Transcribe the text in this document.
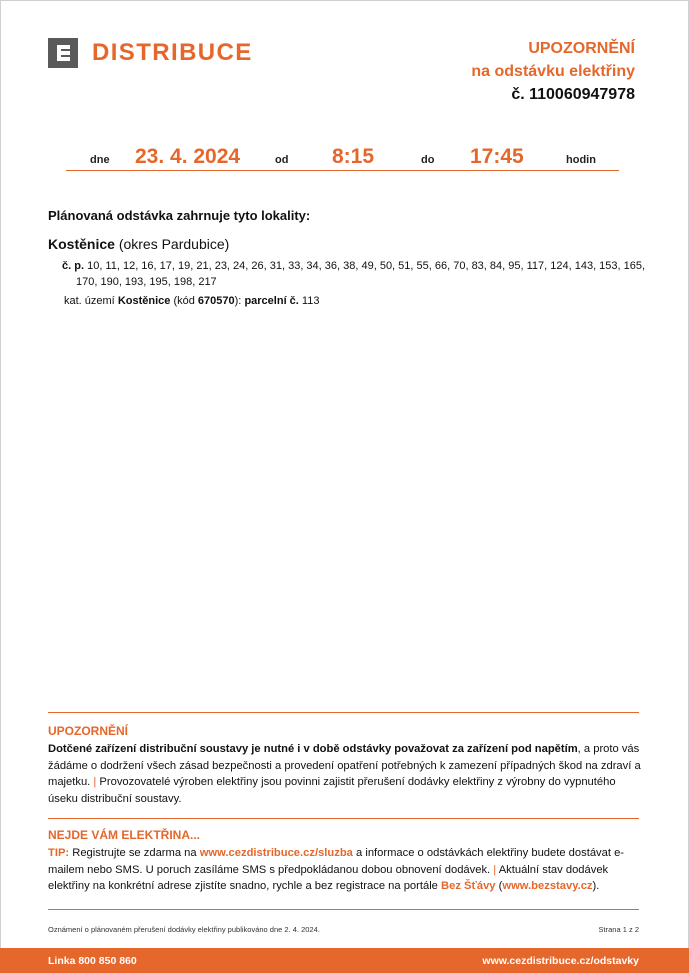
DISTRIBUCE	UPOZORNĚNÍ
na odstávku elektřiny
č. 110060947978
dne 23. 4. 2024	od 8:15	do 17:45	hodin
Plánovaná odstávka zahrnuje tyto lokality:
Kostěnice (okres Pardubice)
č. p. 10, 11, 12, 16, 17, 19, 21, 23, 24, 26, 31, 33, 34, 36, 38, 49, 50, 51, 55, 66, 70, 83, 84, 95, 117, 124, 143, 153, 165, 170, 190, 193, 195, 198, 217
kat. území Kostěnice (kód 670570): parcelní č. 113
UPOZORNĚNÍ
Dotčené zařízení distribuční soustavy je nutné i v době odstávky považovat za zařízení pod napětím, a proto vás žádáme o dodržení všech zásad bezpečnosti a provedení opatření potřebných k zamezení případných škod na zdraví a majetku. | Provozovatelé výroben elektřiny jsou povinni zajistit přerušení dodávky elektřiny z výrobny do vypnutého úseku distribuční soustavy.
NEJDE VÁM ELEKTŘINA...
TIP: Registrujte se zdarma na www.cezdistribuce.cz/sluzba a informace o odstávkách elektřiny budete dostávat e-mailem nebo SMS. U poruch zasíláme SMS s předpokládanou dobou obnovení dodávek. | Aktuální stav dodávek elektřiny na konkrétní adrese zjistíte snadno, rychle a bez registrace na portále Bez Šťávy (www.bezstavy.cz).
Oznámení o plánovaném přerušení dodávky elektřiny publikováno dne 2. 4. 2024.	Strana 1 z 2
Linka 800 850 860	www.cezdistribuce.cz/odstavky
